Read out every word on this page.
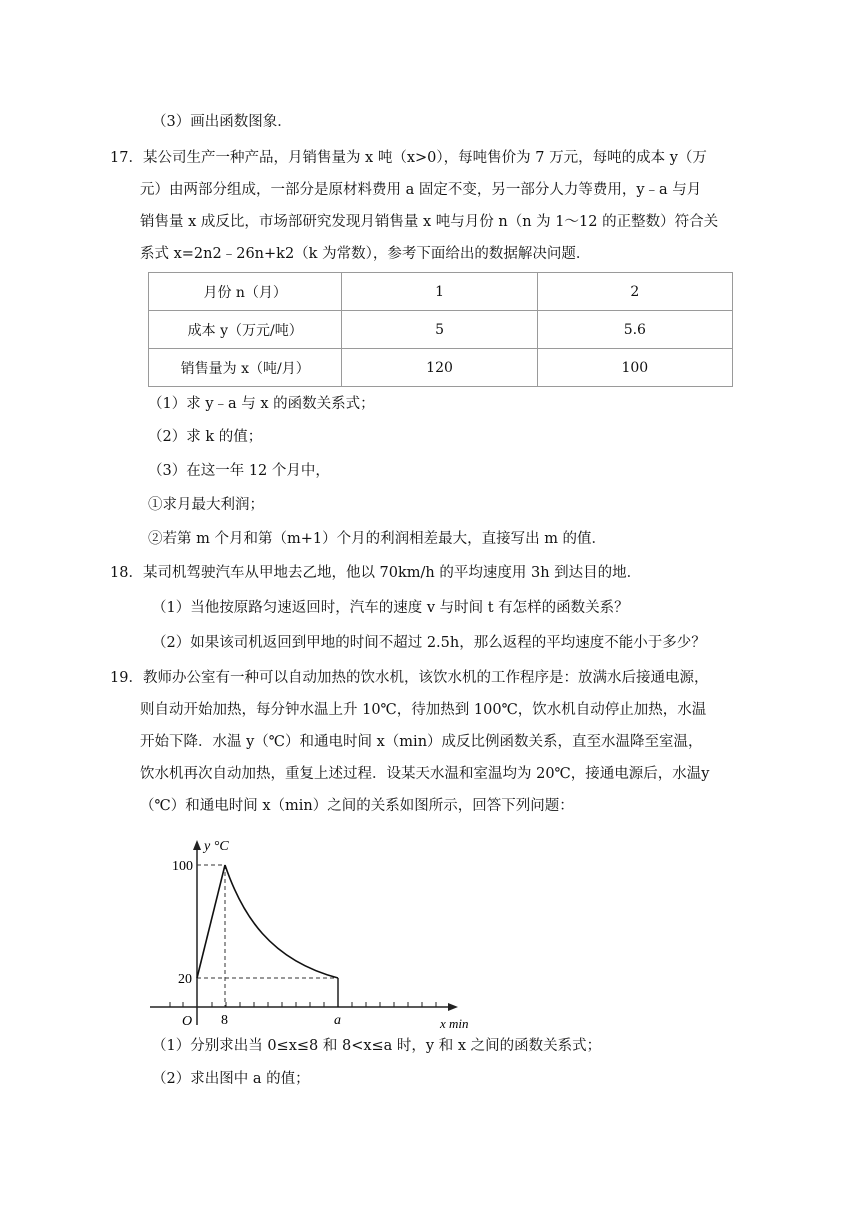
（3）画出函数图象．
17．某公司生产一种产品，月销售量为 x 吨（x>0），每吨售价为 7 万元，每吨的成本 y（万
元）由两部分组成，一部分是原材料费用 a 固定不变，另一部分人力等费用，y﹣a 与月
销售量 x 成反比，市场部研究发现月销售量 x 吨与月份 n（n 为 1～12 的正整数）符合关
系式 x=2n2﹣26n+k2（k 为常数），参考下面给出的数据解决问题．
月份 n（月）	1	2
成本 y（万元/吨）	5	5.6
销售量为 x（吨/月）	120	100
（1）求 y﹣a 与 x 的函数关系式；
（2）求 k 的值；
（3）在这一年 12 个月中，
①求月最大利润；
②若第 m 个月和第（m+1）个月的利润相差最大，直接写出 m 的值．
18．某司机驾驶汽车从甲地去乙地，他以 70km/h 的平均速度用 3h 到达目的地．
（1）当他按原路匀速返回时，汽车的速度 v 与时间 t 有怎样的函数关系？
（2）如果该司机返回到甲地的时间不超过 2.5h，那么返程的平均速度不能小于多少？
19．教师办公室有一种可以自动加热的饮水机，该饮水机的工作程序是：放满水后接通电源，
则自动开始加热，每分钟水温上升 10℃，待加热到 100℃，饮水机自动停止加热，水温
开始下降．水温 y（℃）和通电时间 x（min）成反比例函数关系，直至水温降至室温，
饮水机再次自动加热，重复上述过程．设某天水温和室温均为 20℃，接通电源后，水温y
（℃）和通电时间 x（min）之间的关系如图所示，回答下列问题：
y °C
100
20
O 8	a	x min
（1）分别求出当 0≤x≤8 和 8<x≤a 时，y 和 x 之间的函数关系式；
（2）求出图中 a 的值；
